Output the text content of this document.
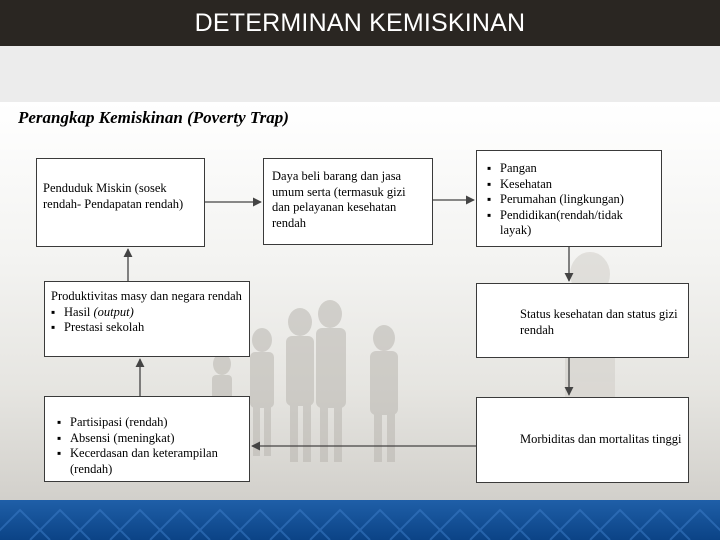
DETERMINAN KEMISKINAN
Perangkap Kemiskinan (Poverty Trap)
Penduduk Miskin (sosek rendah- Pendapatan rendah)
Daya beli barang dan jasa umum serta (termasuk gizi dan pelayanan kesehatan rendah
▪ Pangan
▪ Kesehatan
▪ Perumahan (lingkungan)
▪ Pendidikan(rendah/tidak layak)
Produktivitas masy dan negara rendah
▪ Hasil (output)
▪ Prestasi sekolah
Status kesehatan dan status gizi rendah
▪ Partisipasi (rendah)
▪ Absensi (meningkat)
▪ Kecerdasan dan keterampilan (rendah)
Morbiditas dan mortalitas tinggi
